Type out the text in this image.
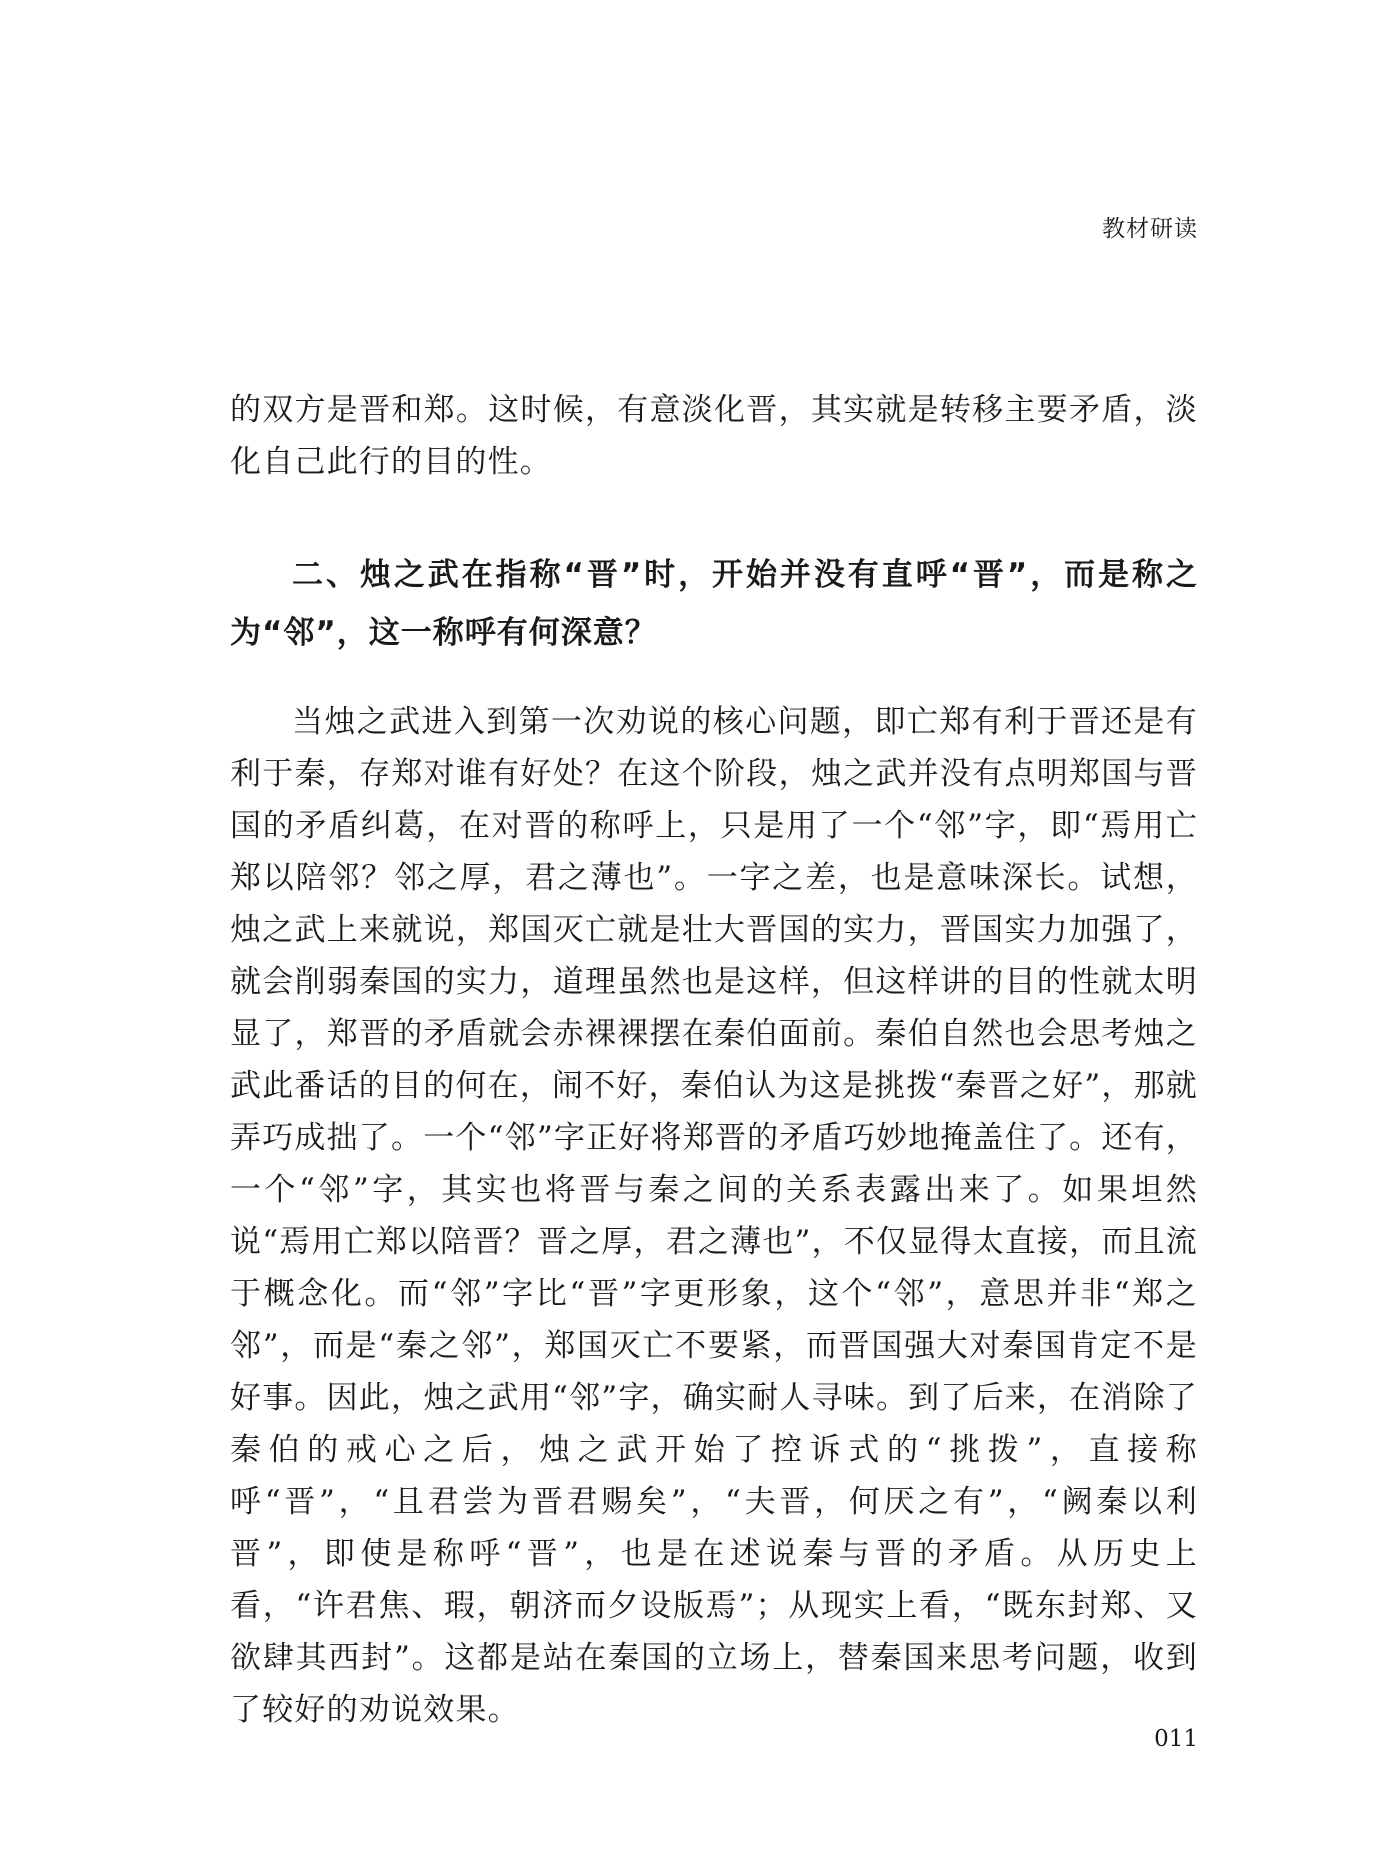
教材研读

的双方是晋和郑。这时候，有意淡化晋，其实就是转移主要矛盾，淡化自己此行的目的性。

二、烛之武在指称“晋”时，开始并没有直呼“晋”，而是称之为“邻”，这一称呼有何深意？

当烛之武进入到第一次劝说的核心问题，即亡郑有利于晋还是有利于秦，存郑对谁有好处？在这个阶段，烛之武并没有点明郑国与晋国的矛盾纠葛，在对晋的称呼上，只是用了一个“邻”字，即“焉用亡郑以陪邻？邻之厚，君之薄也”。一字之差，也是意味深长。试想，烛之武上来就说，郑国灭亡就是壮大晋国的实力，晋国实力加强了，就会削弱秦国的实力，道理虽然也是这样，但这样讲的目的性就太明显了，郑晋的矛盾就会赤裸裸摆在秦伯面前。秦伯自然也会思考烛之武此番话的目的何在，闹不好，秦伯认为这是挑拨“秦晋之好”，那就弄巧成拙了。一个“邻”字正好将郑晋的矛盾巧妙地掩盖住了。还有，一个“邻”字，其实也将晋与秦之间的关系表露出来了。如果坦然说“焉用亡郑以陪晋？晋之厚，君之薄也”，不仅显得太直接，而且流于概念化。而“邻”字比“晋”字更形象，这个“邻”，意思并非“郑之邻”，而是“秦之邻”，郑国灭亡不要紧，而晋国强大对秦国肯定不是好事。因此，烛之武用“邻”字，确实耐人寻味。到了后来，在消除了秦伯的戒心之后，烛之武开始了控诉式的“挑拨”，直接称呼“晋”，“且君尝为晋君赐矣”，“夫晋，何厌之有”，“阙秦以利晋”，即使是称呼“晋”，也是在述说秦与晋的矛盾。从历史上看，“许君焦、瑕，朝济而夕设版焉”；从现实上看，“既东封郑、又欲肆其西封”。这都是站在秦国的立场上，替秦国来思考问题，收到了较好的劝说效果。

011
